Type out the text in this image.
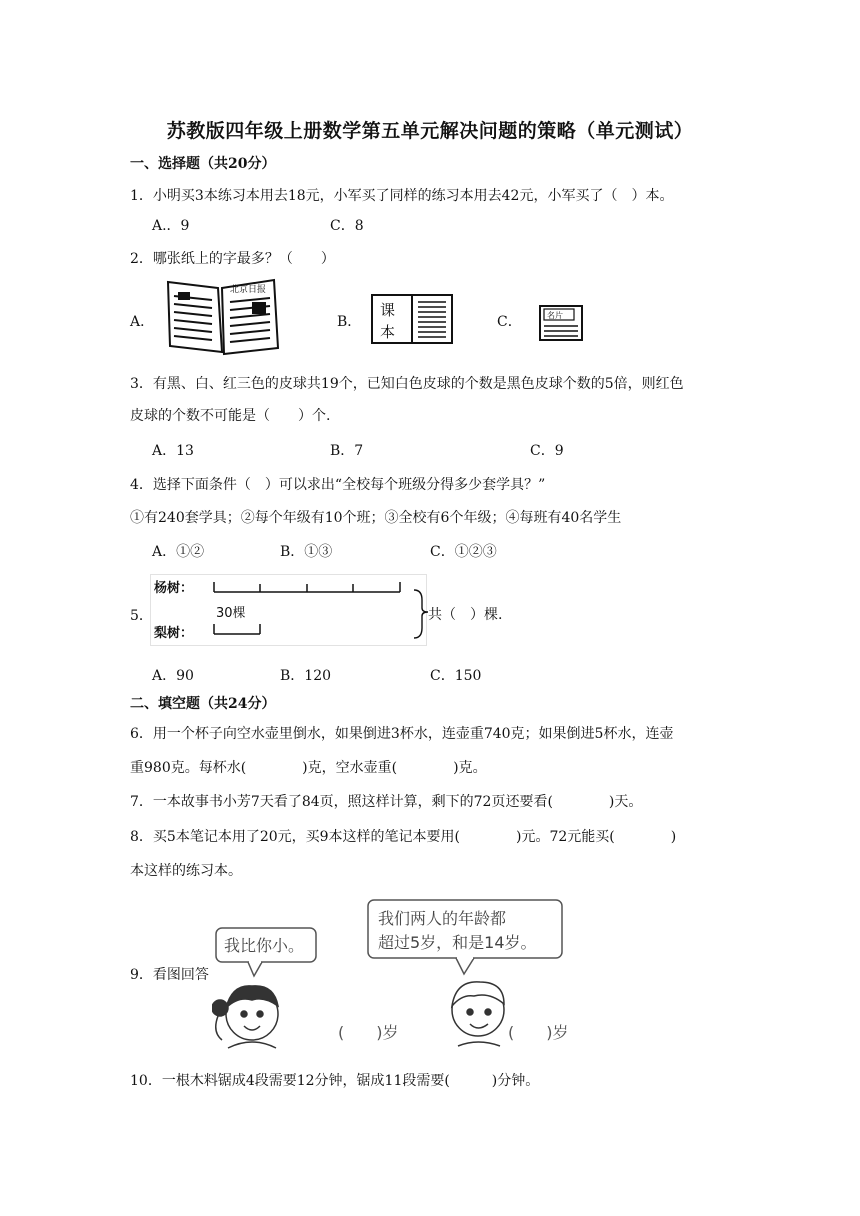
苏教版四年级上册数学第五单元解决问题的策略（单元测试）
一、选择题（共20分）
1．小明买3本练习本用去18元，小军买了同样的练习本用去42元，小军买了（　）本。
A.．9	C．8
2．哪张纸上的字最多？（　　）
A．
北京日报
B．
课
本
C．	名片
3．有黑、白、红三色的皮球共19个，已知白色皮球的个数是黑色皮球个数的5倍，则红色
皮球的个数不可能是（　　）个.
A．13	B．7	C．9
4．选择下面条件（　）可以求出“全校每个班级分得多少套学具？”
①有240套学具；②每个年级有10个班；③全校有6个年级；④每班有40名学生
A．①②	B．①③	C．①②③
5．
杨树：
30棵
梨树：
共（　）棵.
A．90	B．120	C．150
二、填空题（共24分）
6．用一个杯子向空水壶里倒水，如果倒进3杯水，连壶重740克；如果倒进5杯水，连壶
重980克。每杯水(　　　　)克，空水壶重(　　　　)克。
7．一本故事书小芳7天看了84页，照这样计算，剩下的72页还要看(　　　　)天。
8．买5本笔记本用了20元，买9本这样的笔记本要用(　　　　)元。72元能买(　　　　)
本这样的练习本。
9．看图回答
我比你小。
我们两人的年龄都
超过5岁，和是14岁。
(　　)岁	(　　)岁
10．一根木料锯成4段需要12分钟，锯成11段需要(　　　)分钟。
